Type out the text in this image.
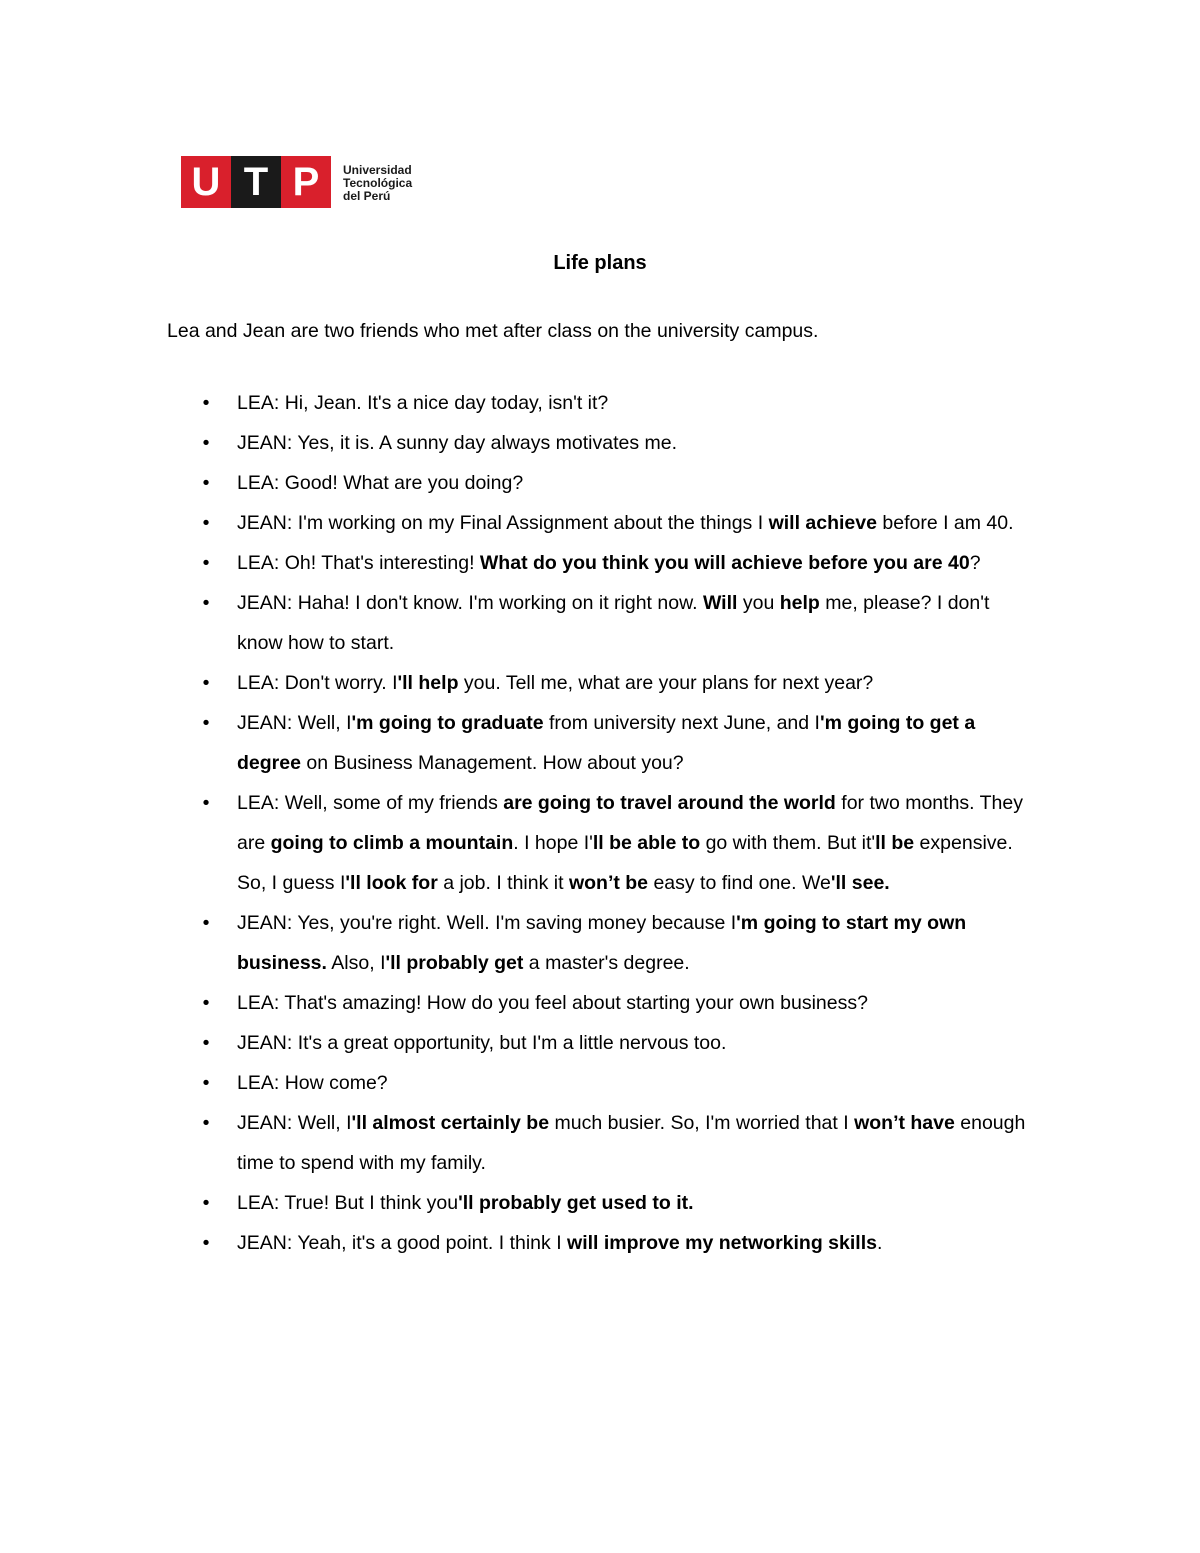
U T P	Universidad
Tecnológica
del Perú
Life plans
Lea and Jean are two friends who met after class on the university campus.
•
LEA: Hi, Jean. It's a nice day today, isn't it?
•
JEAN: Yes, it is. A sunny day always motivates me.
•
LEA: Good! What are you doing?
•
JEAN: I'm working on my Final Assignment about the things I will achieve before I am 40.
•
LEA: Oh! That's interesting! What do you think you will achieve before you are 40?
•
JEAN: Haha! I don't know. I'm working on it right now. Will you help me, please? I don't know how to start.
•
LEA: Don't worry. I'll help you. Tell me, what are your plans for next year?
•
JEAN: Well, I'm going to graduate from university next June, and I'm going to get a degree on Business Management. How about you?
•
LEA: Well, some of my friends are going to travel around the world for two months. They are going to climb a mountain. I hope I'll be able to go with them. But it'll be expensive. So, I guess I'll look for a job. I think it won’t be easy to find one. We'll see.
•
JEAN: Yes, you're right. Well. I'm saving money because I'm going to start my own business. Also, I'll probably get a master's degree.
•
LEA: That's amazing! How do you feel about starting your own business?
•
JEAN: It's a great opportunity, but I'm a little nervous too.
•
LEA: How come?
•
JEAN: Well, I'll almost certainly be much busier. So, I'm worried that I won’t have enough time to spend with my family.
•
LEA: True! But I think you'll probably get used to it.
•
JEAN: Yeah, it's a good point. I think I will improve my networking skills.
